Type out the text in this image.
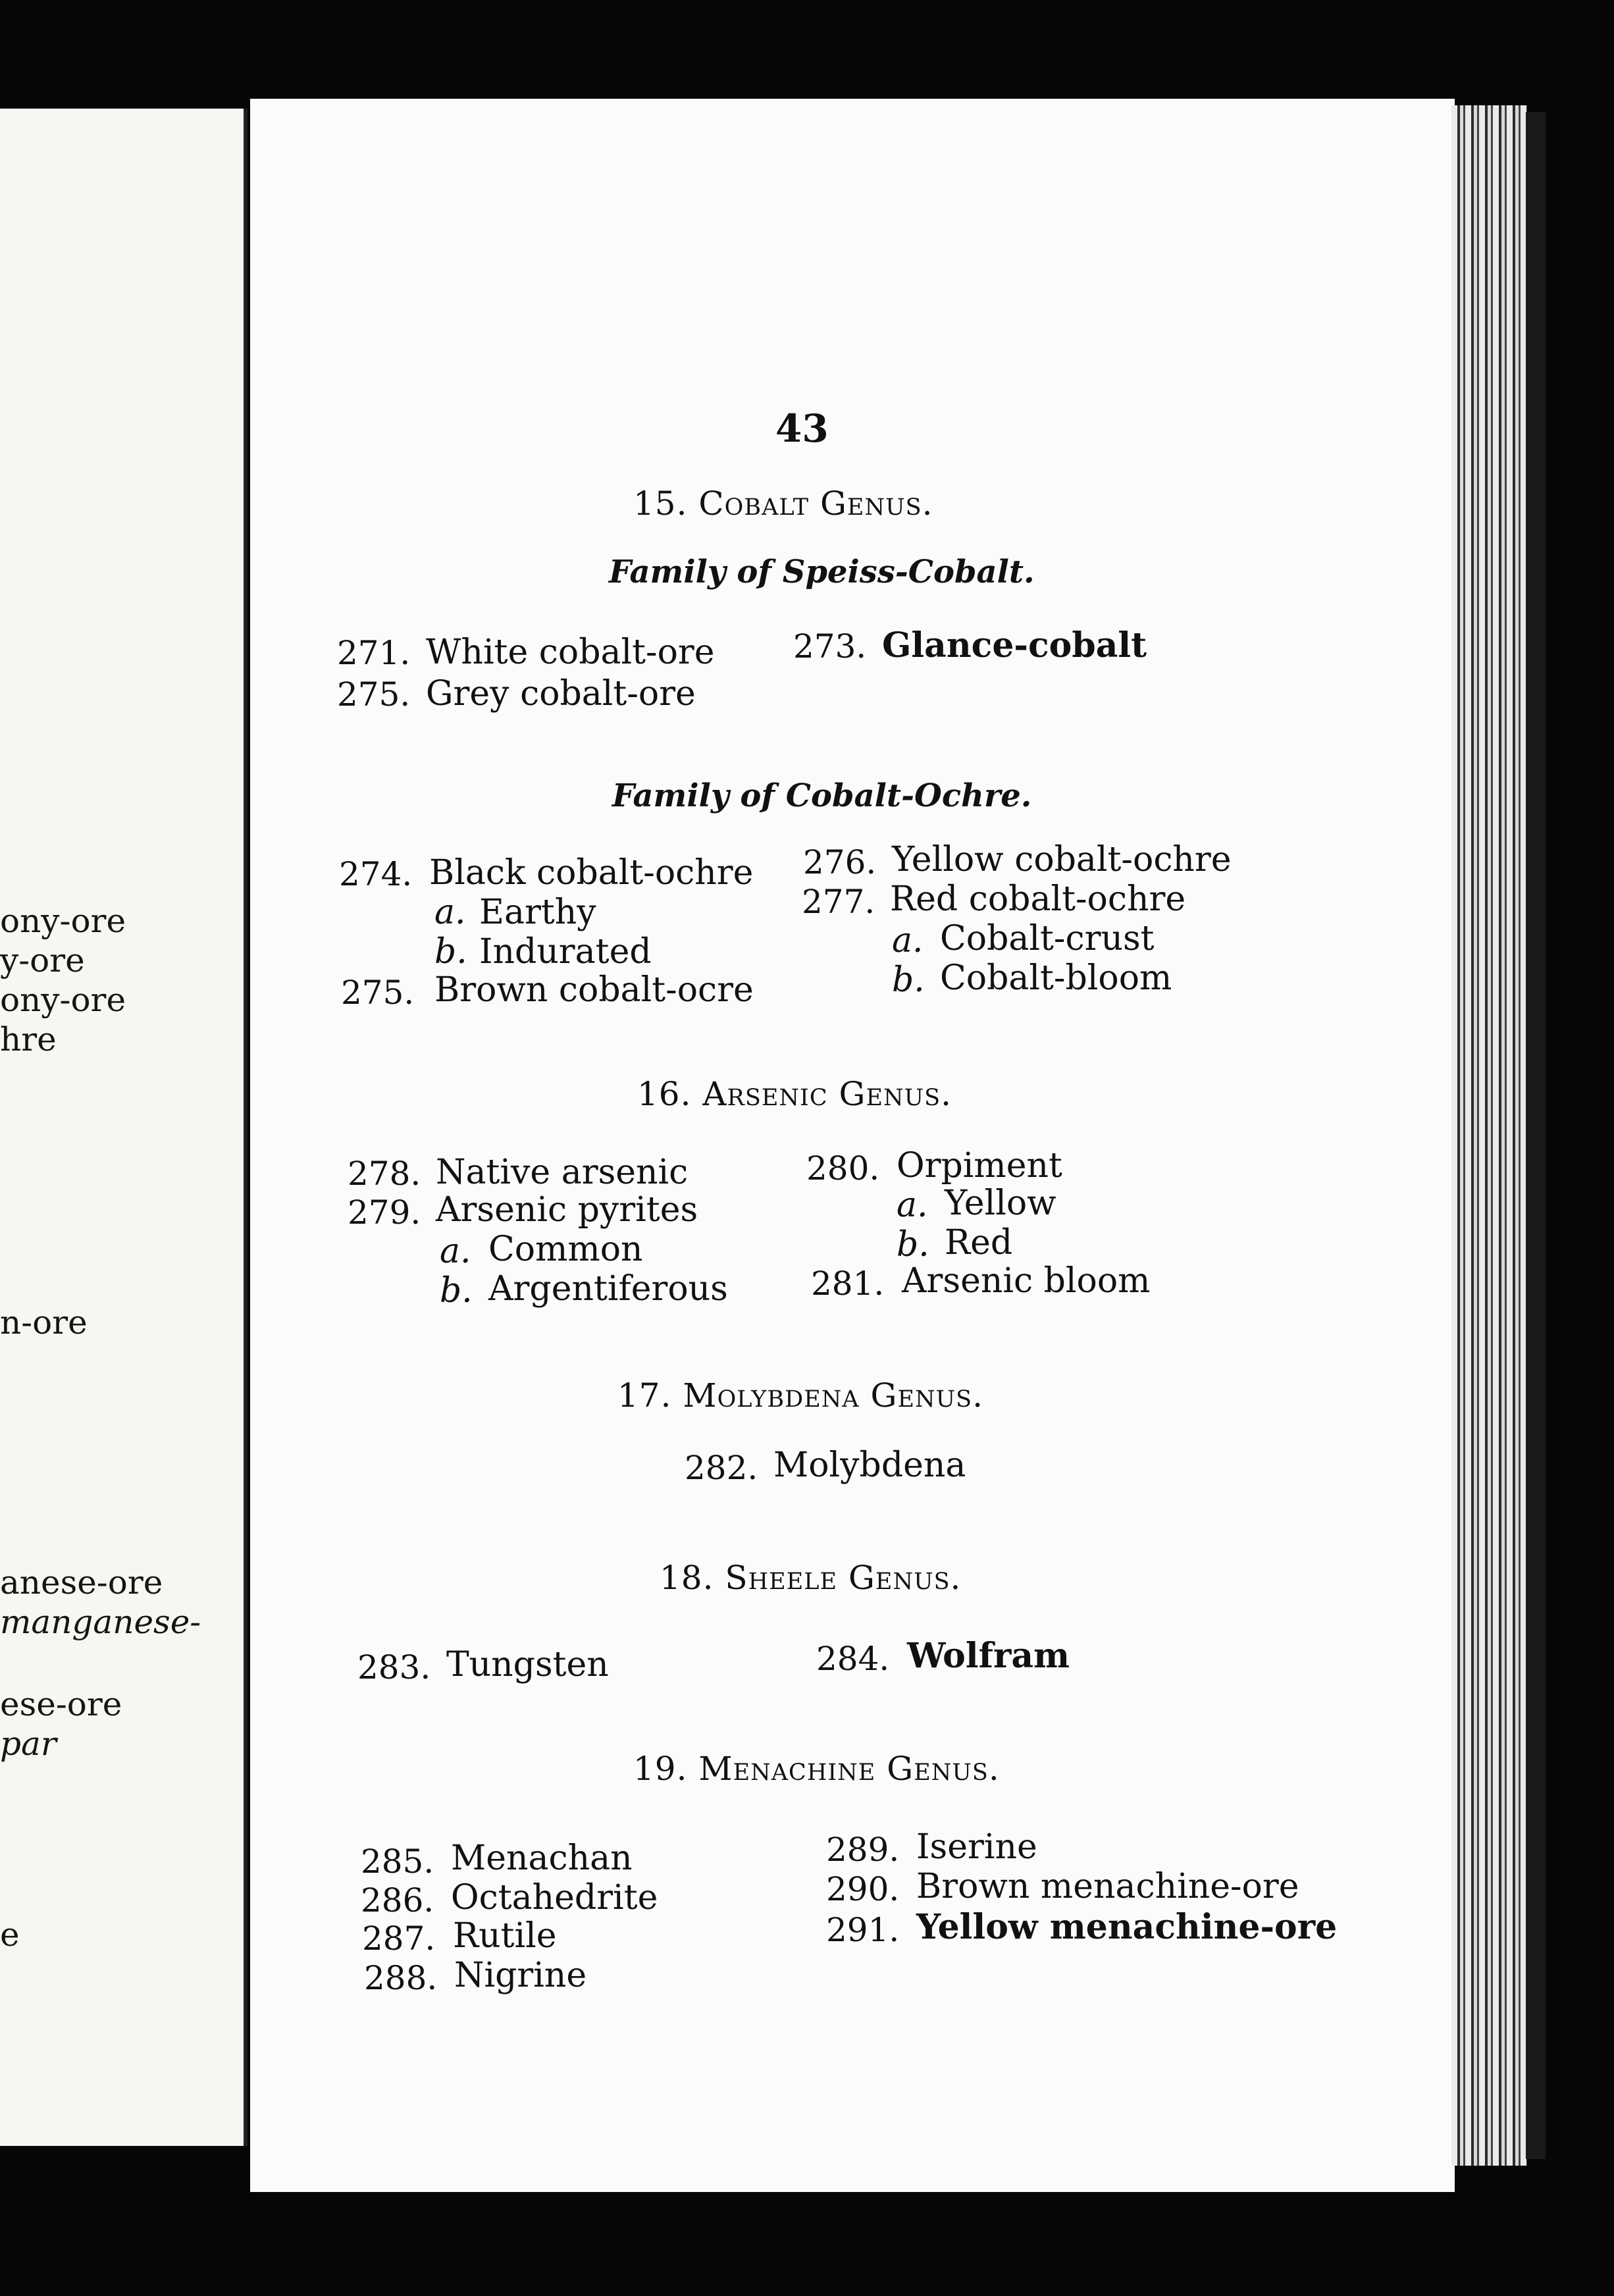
ony-ore
y-ore
ony-ore
hre
n-ore
anese-ore
manganese-
ese-ore
par
e
43
15. Cobalt Genus.
Family of Speiss-Cobalt.
271. White cobalt-ore 273. Glance-cobalt
275. Grey cobalt-ore
Family of Cobalt-Ochre.
274. Black cobalt-ochre
a. Earthy
b. Indurated
275. Brown cobalt-ocre
276. Yellow cobalt-ochre
277. Red cobalt-ochre
a. Cobalt-crust
b. Cobalt-bloom
16. Arsenic Genus.
278. Native arsenic
279. Arsenic pyrites
a. Common
b. Argentiferous
280. Orpiment
a. Yellow
b. Red
281. Arsenic bloom
17. Molybdena Genus.
282. Molybdena
18. Sheele Genus.
283. Tungsten	284. Wolfram
19. Menachine Genus.
285. Menachan
286. Octahedrite
287. Rutile
288. Nigrine
289. Iserine
290. Brown menachine-ore
291. Yellow menachine-ore
